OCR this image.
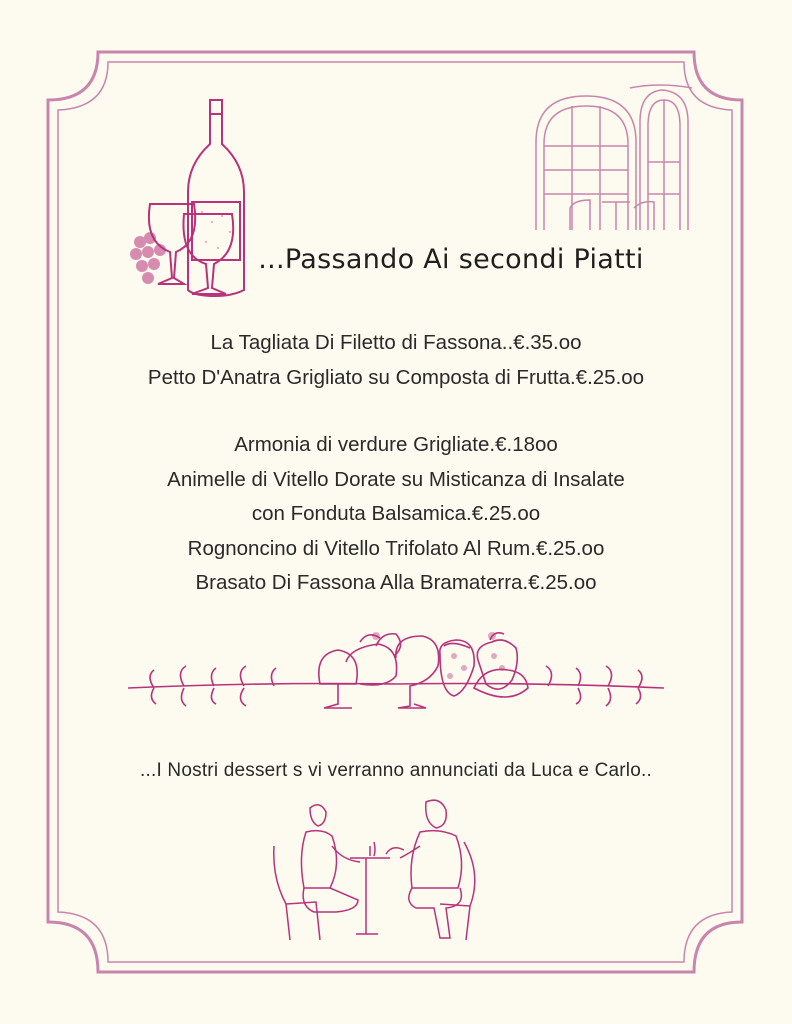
...Passando Ai secondi Piatti
La Tagliata Di Filetto di Fassona..€.35.oo
Petto D'Anatra Grigliato su Composta di Frutta.€.25.oo
Armonia di verdure Grigliate.€.18oo
Animelle di Vitello Dorate su Misticanza di Insalate
con Fonduta Balsamica.€.25.oo
Rognoncino di Vitello Trifolato Al Rum.€.25.oo
Brasato Di Fassona Alla Bramaterra.€.25.oo
...I Nostri dessert s vi verranno annunciati da Luca e Carlo..
